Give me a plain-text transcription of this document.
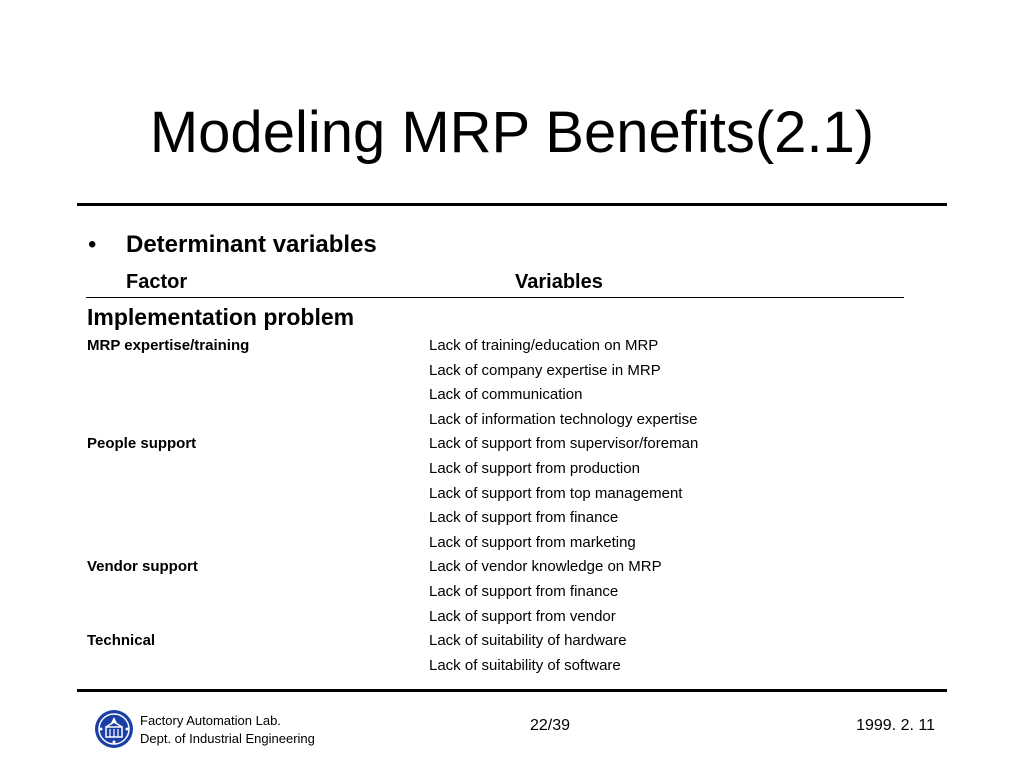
Modeling MRP Benefits(2.1)
•	Determinant variables
Factor	Variables
Implementation problem
MRP expertise/training	Lack of training/education on MRP
Lack of company expertise in MRP
Lack of communication
Lack of information technology expertise
People support	Lack of support from supervisor/foreman
Lack of support from production
Lack of support from top management
Lack of support from finance
Lack of support from marketing
Vendor support	Lack of vendor knowledge on MRP
Lack of support from finance
Lack of support from vendor
Technical	Lack of suitability of hardware
Lack of suitability of software
Factory Automation Lab.
Dept. of Industrial Engineering
22/39	1999. 2. 11
